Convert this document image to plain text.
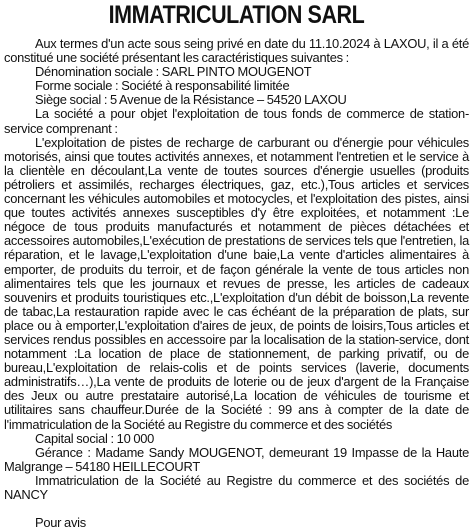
IMMATRICULATION SARL

Aux termes d'un acte sous seing privé en date du 11.10.2024 à LAXOU, il a été constitué une société présentant les caractéristiques suivantes :

Dénomination sociale : SARL PINTO MOUGENOT

Forme sociale : Société à responsabilité limitée

Siège social : 5 Avenue de la Résistance – 54520 LAXOU

La société a pour objet l'exploitation de tous fonds de commerce de station-service comprenant :

L'exploitation de pistes de recharge de carburant ou d'énergie pour véhicules motorisés, ainsi que toutes activités annexes, et notamment l'entretien et le service à la clientèle en découlant,La vente de toutes sources d'énergie usuelles (produits pétroliers et assimilés, recharges électriques, gaz, etc.),Tous articles et services concernant les véhicules automobiles et motocycles, et l'exploitation des pistes, ainsi que toutes activités annexes susceptibles d'y être exploitées, et notamment :Le négoce de tous produits manufacturés et notamment de pièces détachées et accessoires automobiles,L'exécution de prestations de services tels que l'entretien, la réparation, et le lavage,L'exploitation d'une baie,La vente d'articles alimentaires à emporter, de produits du terroir, et de façon générale la vente de tous articles non alimentaires tels que les journaux et revues de presse, les articles de cadeaux souvenirs et produits touristiques etc.,L'exploitation d'un débit de boisson,La revente de tabac,La restauration rapide avec le cas échéant de la préparation de plats, sur place ou à emporter,L'exploitation d'aires de jeux, de points de loisirs,Tous articles et services rendus possibles en accessoire par la localisation de la station-service, dont notamment :La location de place de stationnement, de parking privatif, ou de bureau,L'exploitation de relais-colis et de points services (laverie, documents administratifs…),La vente de produits de loterie ou de jeux d'argent de la Française des Jeux ou autre prestataire autorisé,La location de véhicules de tourisme et utilitaires sans chauffeur.Durée de la Société : 99 ans à compter de la date de l'immatriculation de la Société au Registre du commerce et des sociétés

Capital social : 10 000

Gérance : Madame Sandy MOUGENOT, demeurant 19 Impasse de la Haute Malgrange – 54180 HEILLECOURT

Immatriculation de la Société au Registre du commerce et des sociétés de NANCY

Pour avis
